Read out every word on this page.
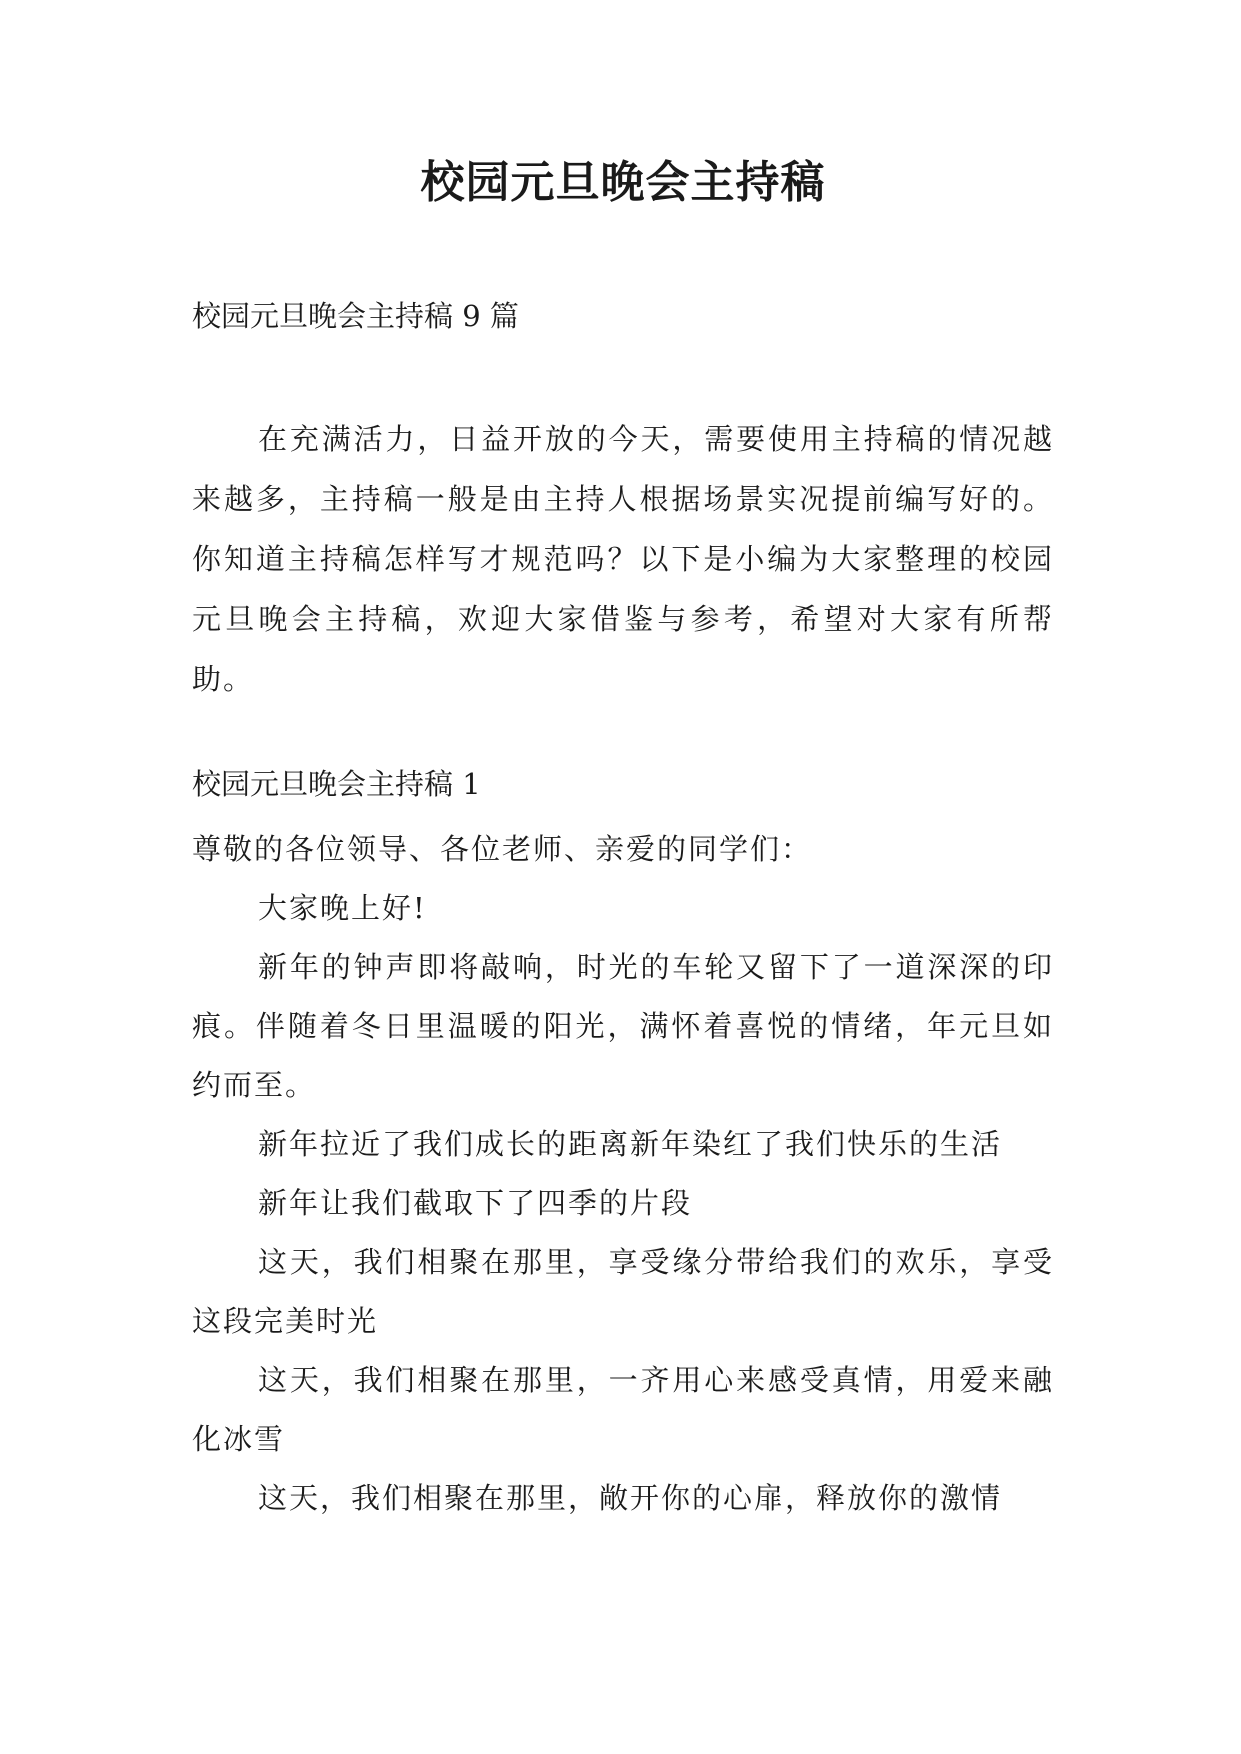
校园元旦晚会主持稿
校园元旦晚会主持稿 9 篇

在充满活力，日益开放的今天，需要使用主持稿的情况越来越多，主持稿一般是由主持人根据场景实况提前编写好的。你知道主持稿怎样写才规范吗？以下是小编为大家整理的校园元旦晚会主持稿，欢迎大家借鉴与参考，希望对大家有所帮助。

校园元旦晚会主持稿 1

尊敬的各位领导、各位老师、亲爱的同学们：

大家晚上好!

新年的钟声即将敲响，时光的车轮又留下了一道深深的印痕。伴随着冬日里温暖的阳光，满怀着喜悦的情绪，年元旦如约而至。

新年拉近了我们成长的距离新年染红了我们快乐的生活

新年让我们截取下了四季的片段

这天，我们相聚在那里，享受缘分带给我们的欢乐，享受这段完美时光

这天，我们相聚在那里，一齐用心来感受真情，用爱来融化冰雪

这天，我们相聚在那里，敞开你的心扉，释放你的激情
